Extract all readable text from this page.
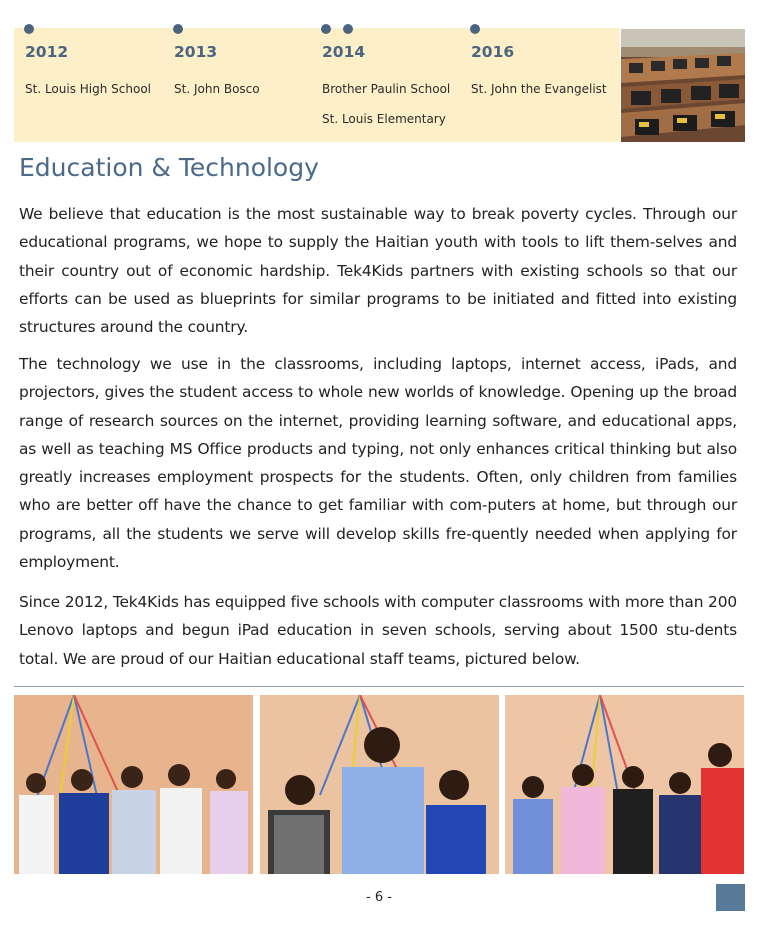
2012
St. Louis High School
2013
St. John Bosco
2014
Brother Paulin School
St. Louis Elementary
2016
St. John the Evangelist
Education & Technology

We believe that education is the most sustainable way to break poverty cycles. Through our educational programs, we hope to supply the Haitian youth with tools to lift them-selves and their country out of economic hardship. Tek4Kids partners with existing schools so that our efforts can be used as blueprints for similar programs to be initiated and fitted into existing structures around the country.

The technology we use in the classrooms, including laptops, internet access, iPads, and projectors, gives the student access to whole new worlds of knowledge. Opening up the broad range of research sources on the internet, providing learning software, and educational apps, as well as teaching MS Office products and typing, not only enhances critical thinking but also greatly increases employment prospects for the students. Often, only children from families who are better off have the chance to get familiar with com-puters at home, but through our programs, all the students we serve will develop skills fre-quently needed when applying for employment.

Since 2012, Tek4Kids has equipped five schools with computer classrooms with more than 200 Lenovo laptops and begun iPad education in seven schools, serving about 1500 stu-dents total. We are proud of our Haitian educational staff teams, pictured below.

- 6 -
